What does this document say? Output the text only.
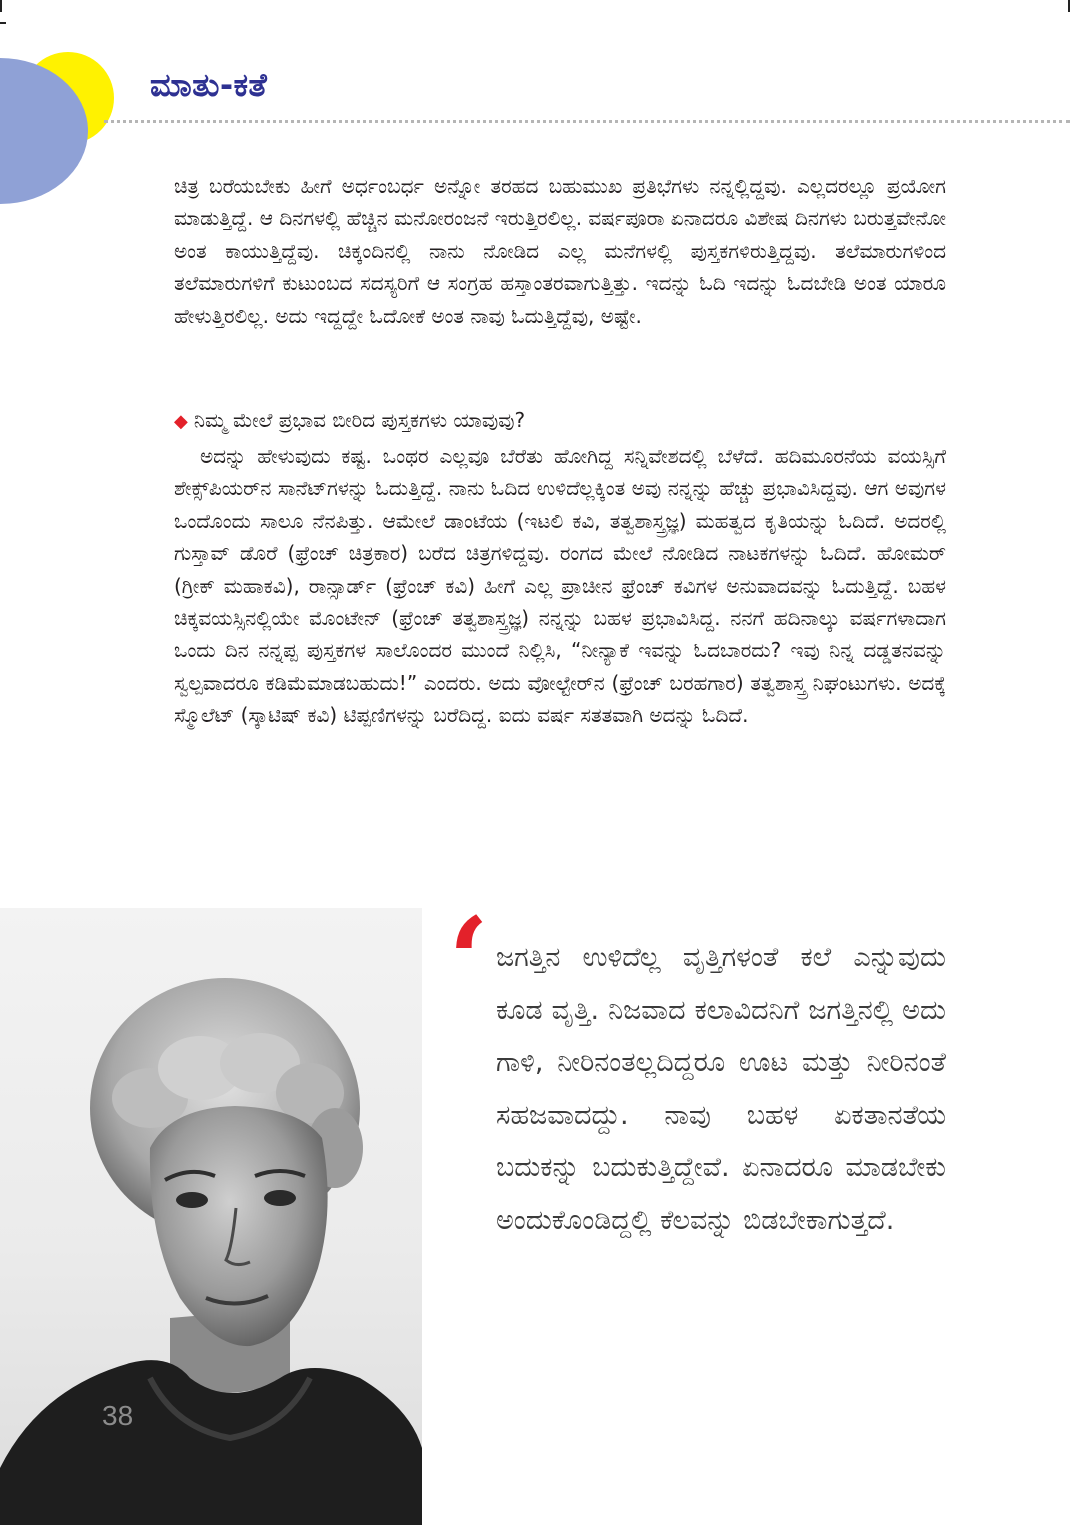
ಮಾತು-ಕತೆ

ಚಿತ್ರ ಬರೆಯಬೇಕು ಹೀಗೆ ಅರ್ಧಂಬರ್ಧ ಅನ್ನೋ ತರಹದ ಬಹುಮುಖ ಪ್ರತಿಭೆಗಳು ನನ್ನಲ್ಲಿದ್ದವು. ಎಲ್ಲದರಲ್ಲೂ ಪ್ರಯೋಗ ಮಾಡುತ್ತಿದ್ದೆ. ಆ ದಿನಗಳಲ್ಲಿ ಹೆಚ್ಚಿನ ಮನೋರಂಜನೆ ಇರುತ್ತಿರಲಿಲ್ಲ. ವರ್ಷಪೂರಾ ಏನಾದರೂ ವಿಶೇಷ ದಿನಗಳು ಬರುತ್ತವೇನೋ ಅಂತ ಕಾಯುತ್ತಿದ್ದೆವು. ಚಿಕ್ಕಂದಿನಲ್ಲಿ ನಾನು ನೋಡಿದ ಎಲ್ಲ ಮನೆಗಳಲ್ಲಿ ಪುಸ್ತಕಗಳಿರುತ್ತಿದ್ದವು. ತಲೆಮಾರುಗಳಿಂದ ತಲೆಮಾರುಗಳಿಗೆ ಕುಟುಂಬದ ಸದಸ್ಯರಿಗೆ ಆ ಸಂಗ್ರಹ ಹಸ್ತಾಂತರವಾಗುತ್ತಿತ್ತು. ಇದನ್ನು ಓದಿ ಇದನ್ನು ಓದಬೇಡಿ ಅಂತ ಯಾರೂ ಹೇಳುತ್ತಿರಲಿಲ್ಲ. ಅದು ಇದ್ದದ್ದೇ ಓದೋಕೆ ಅಂತ ನಾವು ಓದುತ್ತಿದ್ದೆವು, ಅಷ್ಟೇ.

◆ ನಿಮ್ಮ ಮೇಲೆ ಪ್ರಭಾವ ಬೀರಿದ ಪುಸ್ತಕಗಳು ಯಾವುವು?

ಅದನ್ನು ಹೇಳುವುದು ಕಷ್ಟ. ಒಂಥರ ಎಲ್ಲವೂ ಬೆರೆತು ಹೋಗಿದ್ದ ಸನ್ನಿವೇಶದಲ್ಲಿ ಬೆಳೆದೆ. ಹದಿಮೂರನೆಯ ವಯಸ್ಸಿಗೆ ಶೇಕ್ಸ್‌ಪಿಯರ್‌ನ ಸಾನೆಟ್‌ಗಳನ್ನು ಓದುತ್ತಿದ್ದೆ. ನಾನು ಓದಿದ ಉಳಿದೆಲ್ಲಕ್ಕಿಂತ ಅವು ನನ್ನನ್ನು ಹೆಚ್ಚು ಪ್ರಭಾವಿಸಿದ್ದವು. ಆಗ ಅವುಗಳ ಒಂದೊಂದು ಸಾಲೂ ನೆನಪಿತ್ತು. ಆಮೇಲೆ ಡಾಂಟೆಯ (ಇಟಲಿ ಕವಿ, ತತ್ವಶಾಸ್ತ್ರಜ್ಞ) ಮಹತ್ವದ ಕೃತಿಯನ್ನು ಓದಿದೆ. ಅದರಲ್ಲಿ ಗುಸ್ತಾವ್ ಡೊರೆ (ಫ್ರೆಂಚ್ ಚಿತ್ರಕಾರ) ಬರೆದ ಚಿತ್ರಗಳಿದ್ದವು. ರಂಗದ ಮೇಲೆ ನೋಡಿದ ನಾಟಕಗಳನ್ನು ಓದಿದೆ. ಹೋಮರ್ (ಗ್ರೀಕ್ ಮಹಾಕವಿ), ರಾನ್ಸಾರ್ಡ್ (ಫ್ರೆಂಚ್ ಕವಿ) ಹೀಗೆ ಎಲ್ಲ ಪ್ರಾಚೀನ ಫ್ರೆಂಚ್ ಕವಿಗಳ ಅನುವಾದವನ್ನು ಓದುತ್ತಿದ್ದೆ. ಬಹಳ ಚಿಕ್ಕವಯಸ್ಸಿನಲ್ಲಿಯೇ ಮೊಂಟೇನ್ (ಫ್ರೆಂಚ್ ತತ್ವಶಾಸ್ತ್ರಜ್ಞ) ನನ್ನನ್ನು ಬಹಳ ಪ್ರಭಾವಿಸಿದ್ದ. ನನಗೆ ಹದಿನಾಲ್ಕು ವರ್ಷಗಳಾದಾಗ ಒಂದು ದಿನ ನನ್ನಪ್ಪ ಪುಸ್ತಕಗಳ ಸಾಲೊಂದರ ಮುಂದೆ ನಿಲ್ಲಿಸಿ, “ನೀನ್ಯಾಕೆ ಇವನ್ನು ಓದಬಾರದು? ಇವು ನಿನ್ನ ದಡ್ಡತನವನ್ನು ಸ್ವಲ್ಪವಾದರೂ ಕಡಿಮೆಮಾಡಬಹುದು!” ಎಂದರು. ಅದು ವೋಲ್ಟೇರ್‌ನ (ಫ್ರೆಂಚ್ ಬರಹಗಾರ) ತತ್ವಶಾಸ್ತ್ರ ನಿಘಂಟುಗಳು. ಅದಕ್ಕೆ ಸ್ಮೊಲೆಟ್ (ಸ್ಕಾಟಿಷ್ ಕವಿ) ಟಿಪ್ಪಣಿಗಳನ್ನು ಬರೆದಿದ್ದ. ಐದು ವರ್ಷ ಸತತವಾಗಿ ಅದನ್ನು ಓದಿದೆ.

38
‘ ಜಗತ್ತಿನ ಉಳಿದೆಲ್ಲ ವೃತ್ತಿಗಳಂತೆ ಕಲೆ ಎನ್ನುವುದು ಕೂಡ ವೃತ್ತಿ. ನಿಜವಾದ ಕಲಾವಿದನಿಗೆ ಜಗತ್ತಿನಲ್ಲಿ ಅದು ಗಾಳಿ, ನೀರಿನಂತಲ್ಲದಿದ್ದರೂ ಊಟ ಮತ್ತು ನೀರಿನಂತೆ ಸಹಜವಾದದ್ದು. ನಾವು ಬಹಳ ಏಕತಾನತೆಯ ಬದುಕನ್ನು ಬದುಕುತ್ತಿದ್ದೇವೆ. ಏನಾದರೂ ಮಾಡಬೇಕು ಅಂದುಕೊಂಡಿದ್ದಲ್ಲಿ ಕೆಲವನ್ನು ಬಿಡಬೇಕಾಗುತ್ತದೆ.
